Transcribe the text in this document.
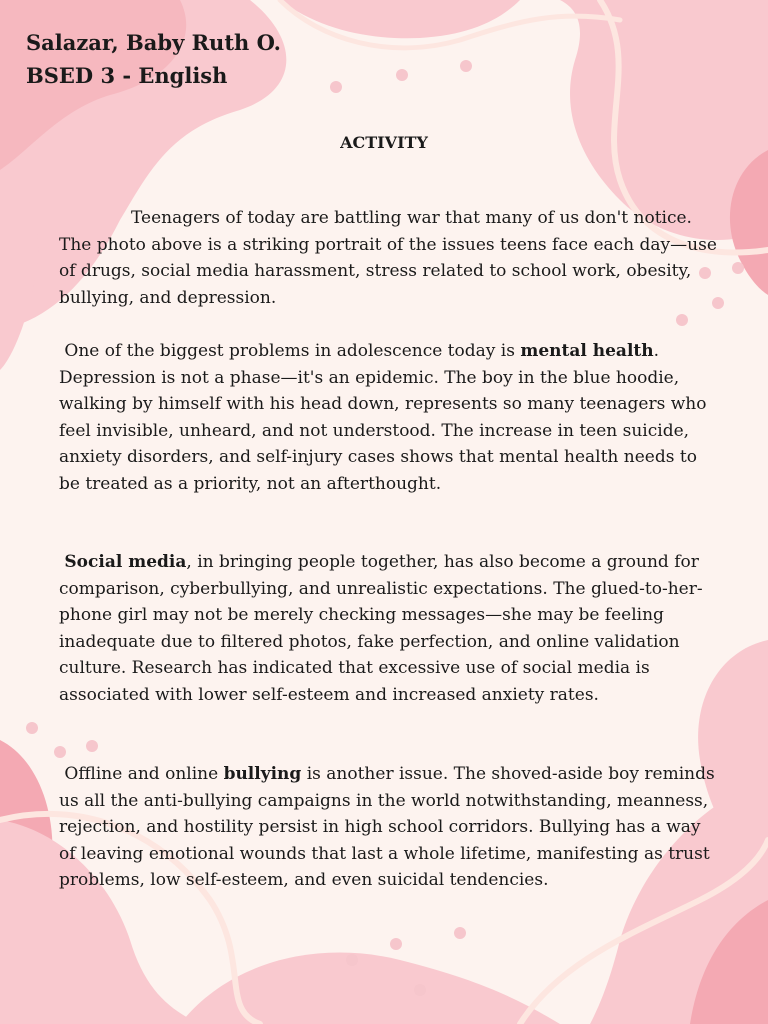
Salazar, Baby Ruth O.
BSED 3 - English
ACTIVITY
Teenagers of today are battling war that many of us don't notice. The photo above is a striking portrait of the issues teens face each day—use of drugs, social media harassment, stress related to school work, obesity, bullying, and depression.
One of the biggest problems in adolescence today is mental health. Depression is not a phase—it's an epidemic. The boy in the blue hoodie, walking by himself with his head down, represents so many teenagers who feel invisible, unheard, and not understood. The increase in teen suicide, anxiety disorders, and self-injury cases shows that mental health needs to be treated as a priority, not an afterthought.
Social media, in bringing people together, has also become a ground for comparison, cyberbullying, and unrealistic expectations. The glued-to-her-phone girl may not be merely checking messages—she may be feeling inadequate due to filtered photos, fake perfection, and online validation culture. Research has indicated that excessive use of social media is associated with lower self-esteem and increased anxiety rates.
Offline and online bullying is another issue. The shoved-aside boy reminds us all the anti-bullying campaigns in the world notwithstanding, meanness, rejection, and hostility persist in high school corridors. Bullying has a way of leaving emotional wounds that last a whole lifetime, manifesting as trust problems, low self-esteem, and even suicidal tendencies.
